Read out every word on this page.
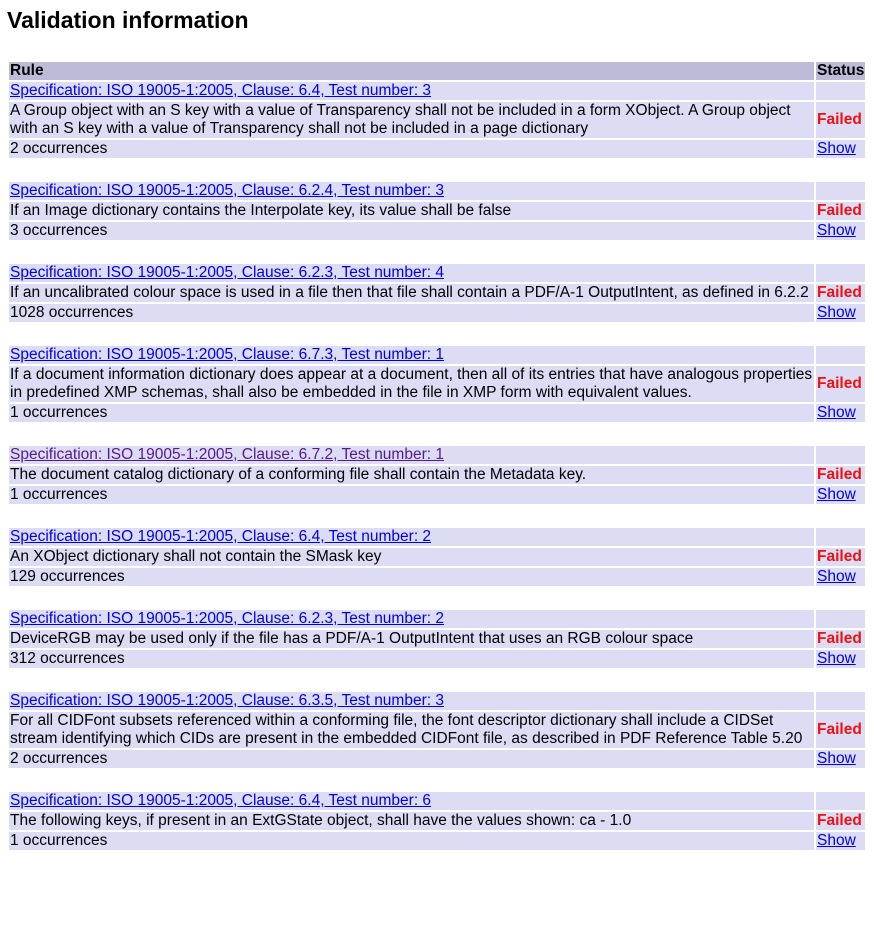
Validation information
Rule	Status
Specification: ISO 19005-1:2005, Clause: 6.4, Test number: 3	
A Group object with an S key with a value of Transparency shall not be included in a form XObject. A Group object with an S key with a value of Transparency shall not be included in a page dictionary	Failed
2 occurrences	Show

Specification: ISO 19005-1:2005, Clause: 6.2.4, Test number: 3	
If an Image dictionary contains the Interpolate key, its value shall be false	Failed
3 occurrences	Show

Specification: ISO 19005-1:2005, Clause: 6.2.3, Test number: 4	
If an uncalibrated colour space is used in a file then that file shall contain a PDF/A-1 OutputIntent, as defined in 6.2.2	Failed
1028 occurrences	Show

Specification: ISO 19005-1:2005, Clause: 6.7.3, Test number: 1	
If a document information dictionary does appear at a document, then all of its entries that have analogous properties in predefined XMP schemas, shall also be embedded in the file in XMP form with equivalent values.	Failed
1 occurrences	Show

Specification: ISO 19005-1:2005, Clause: 6.7.2, Test number: 1	
The document catalog dictionary of a conforming file shall contain the Metadata key.	Failed
1 occurrences	Show

Specification: ISO 19005-1:2005, Clause: 6.4, Test number: 2	
An XObject dictionary shall not contain the SMask key	Failed
129 occurrences	Show

Specification: ISO 19005-1:2005, Clause: 6.2.3, Test number: 2	
DeviceRGB may be used only if the file has a PDF/A-1 OutputIntent that uses an RGB colour space	Failed
312 occurrences	Show

Specification: ISO 19005-1:2005, Clause: 6.3.5, Test number: 3	
For all CIDFont subsets referenced within a conforming file, the font descriptor dictionary shall include a CIDSet stream identifying which CIDs are present in the embedded CIDFont file, as described in PDF Reference Table 5.20	Failed
2 occurrences	Show

Specification: ISO 19005-1:2005, Clause: 6.4, Test number: 6	
The following keys, if present in an ExtGState object, shall have the values shown: ca - 1.0	Failed
1 occurrences	Show
